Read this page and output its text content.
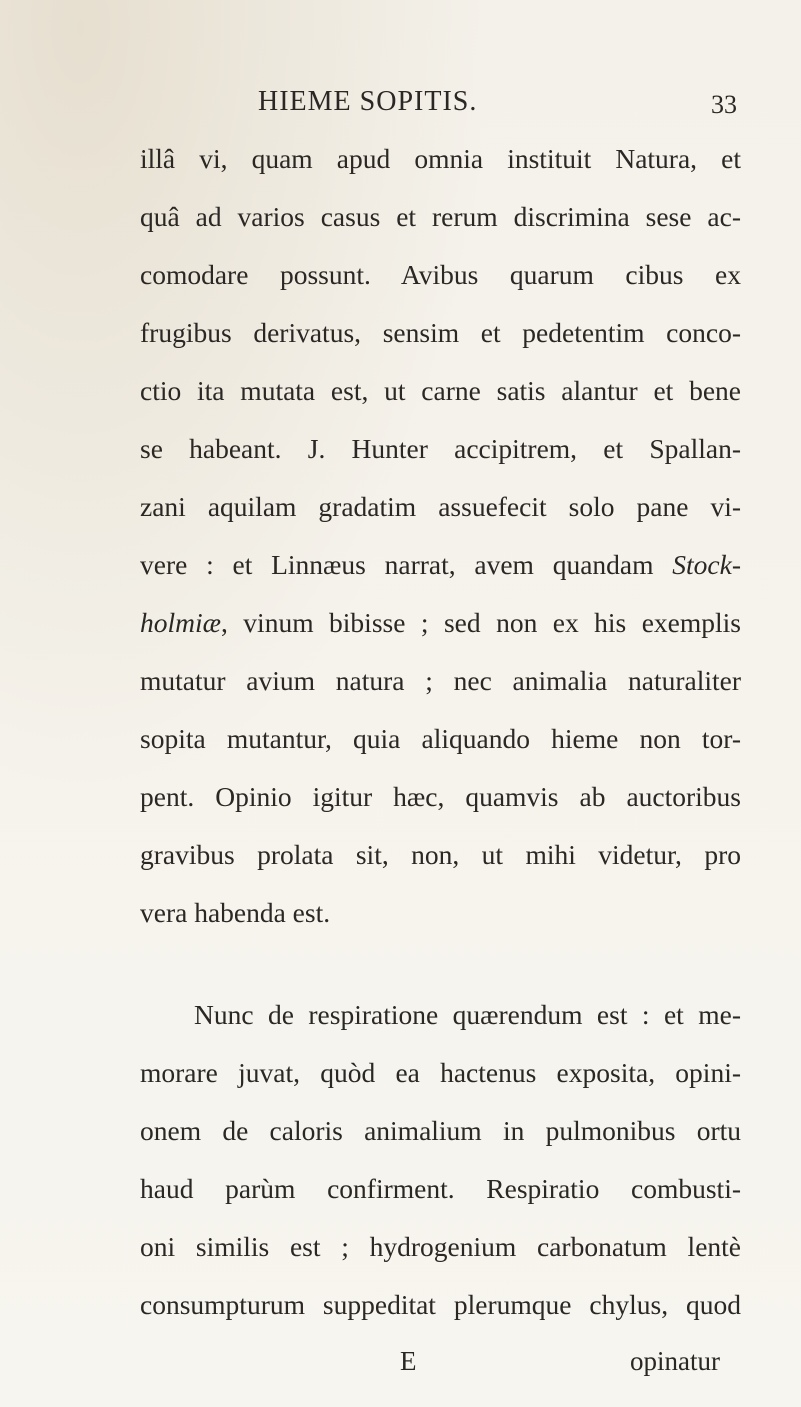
HIEME SOPITIS.	33
illâ vi, quam apud omnia instituit Natura, et
quâ ad varios casus et rerum discrimina sese ac-
comodare possunt. Avibus quarum cibus ex
frugibus derivatus, sensim et pedetentim conco-
ctio ita mutata est, ut carne satis alantur et bene
se habeant. J. Hunter accipitrem, et Spallan-
zani aquilam gradatim assuefecit solo pane vi-
vere : et Linnæus narrat, avem quandam Stock-
holmiæ, vinum bibisse ; sed non ex his exemplis
mutatur avium natura ; nec animalia naturaliter
sopita mutantur, quia aliquando hieme non tor-
pent. Opinio igitur hæc, quamvis ab auctoribus
gravibus prolata sit, non, ut mihi videtur, pro
vera habenda est.
Nunc de respiratione quærendum est : et me-
morare juvat, quòd ea hactenus exposita, opini-
onem de caloris animalium in pulmonibus ortu
haud parùm confirment. Respiratio combusti-
oni similis est ; hydrogenium carbonatum lentè
consumpturum suppeditat plerumque chylus, quod
E	opinatur
